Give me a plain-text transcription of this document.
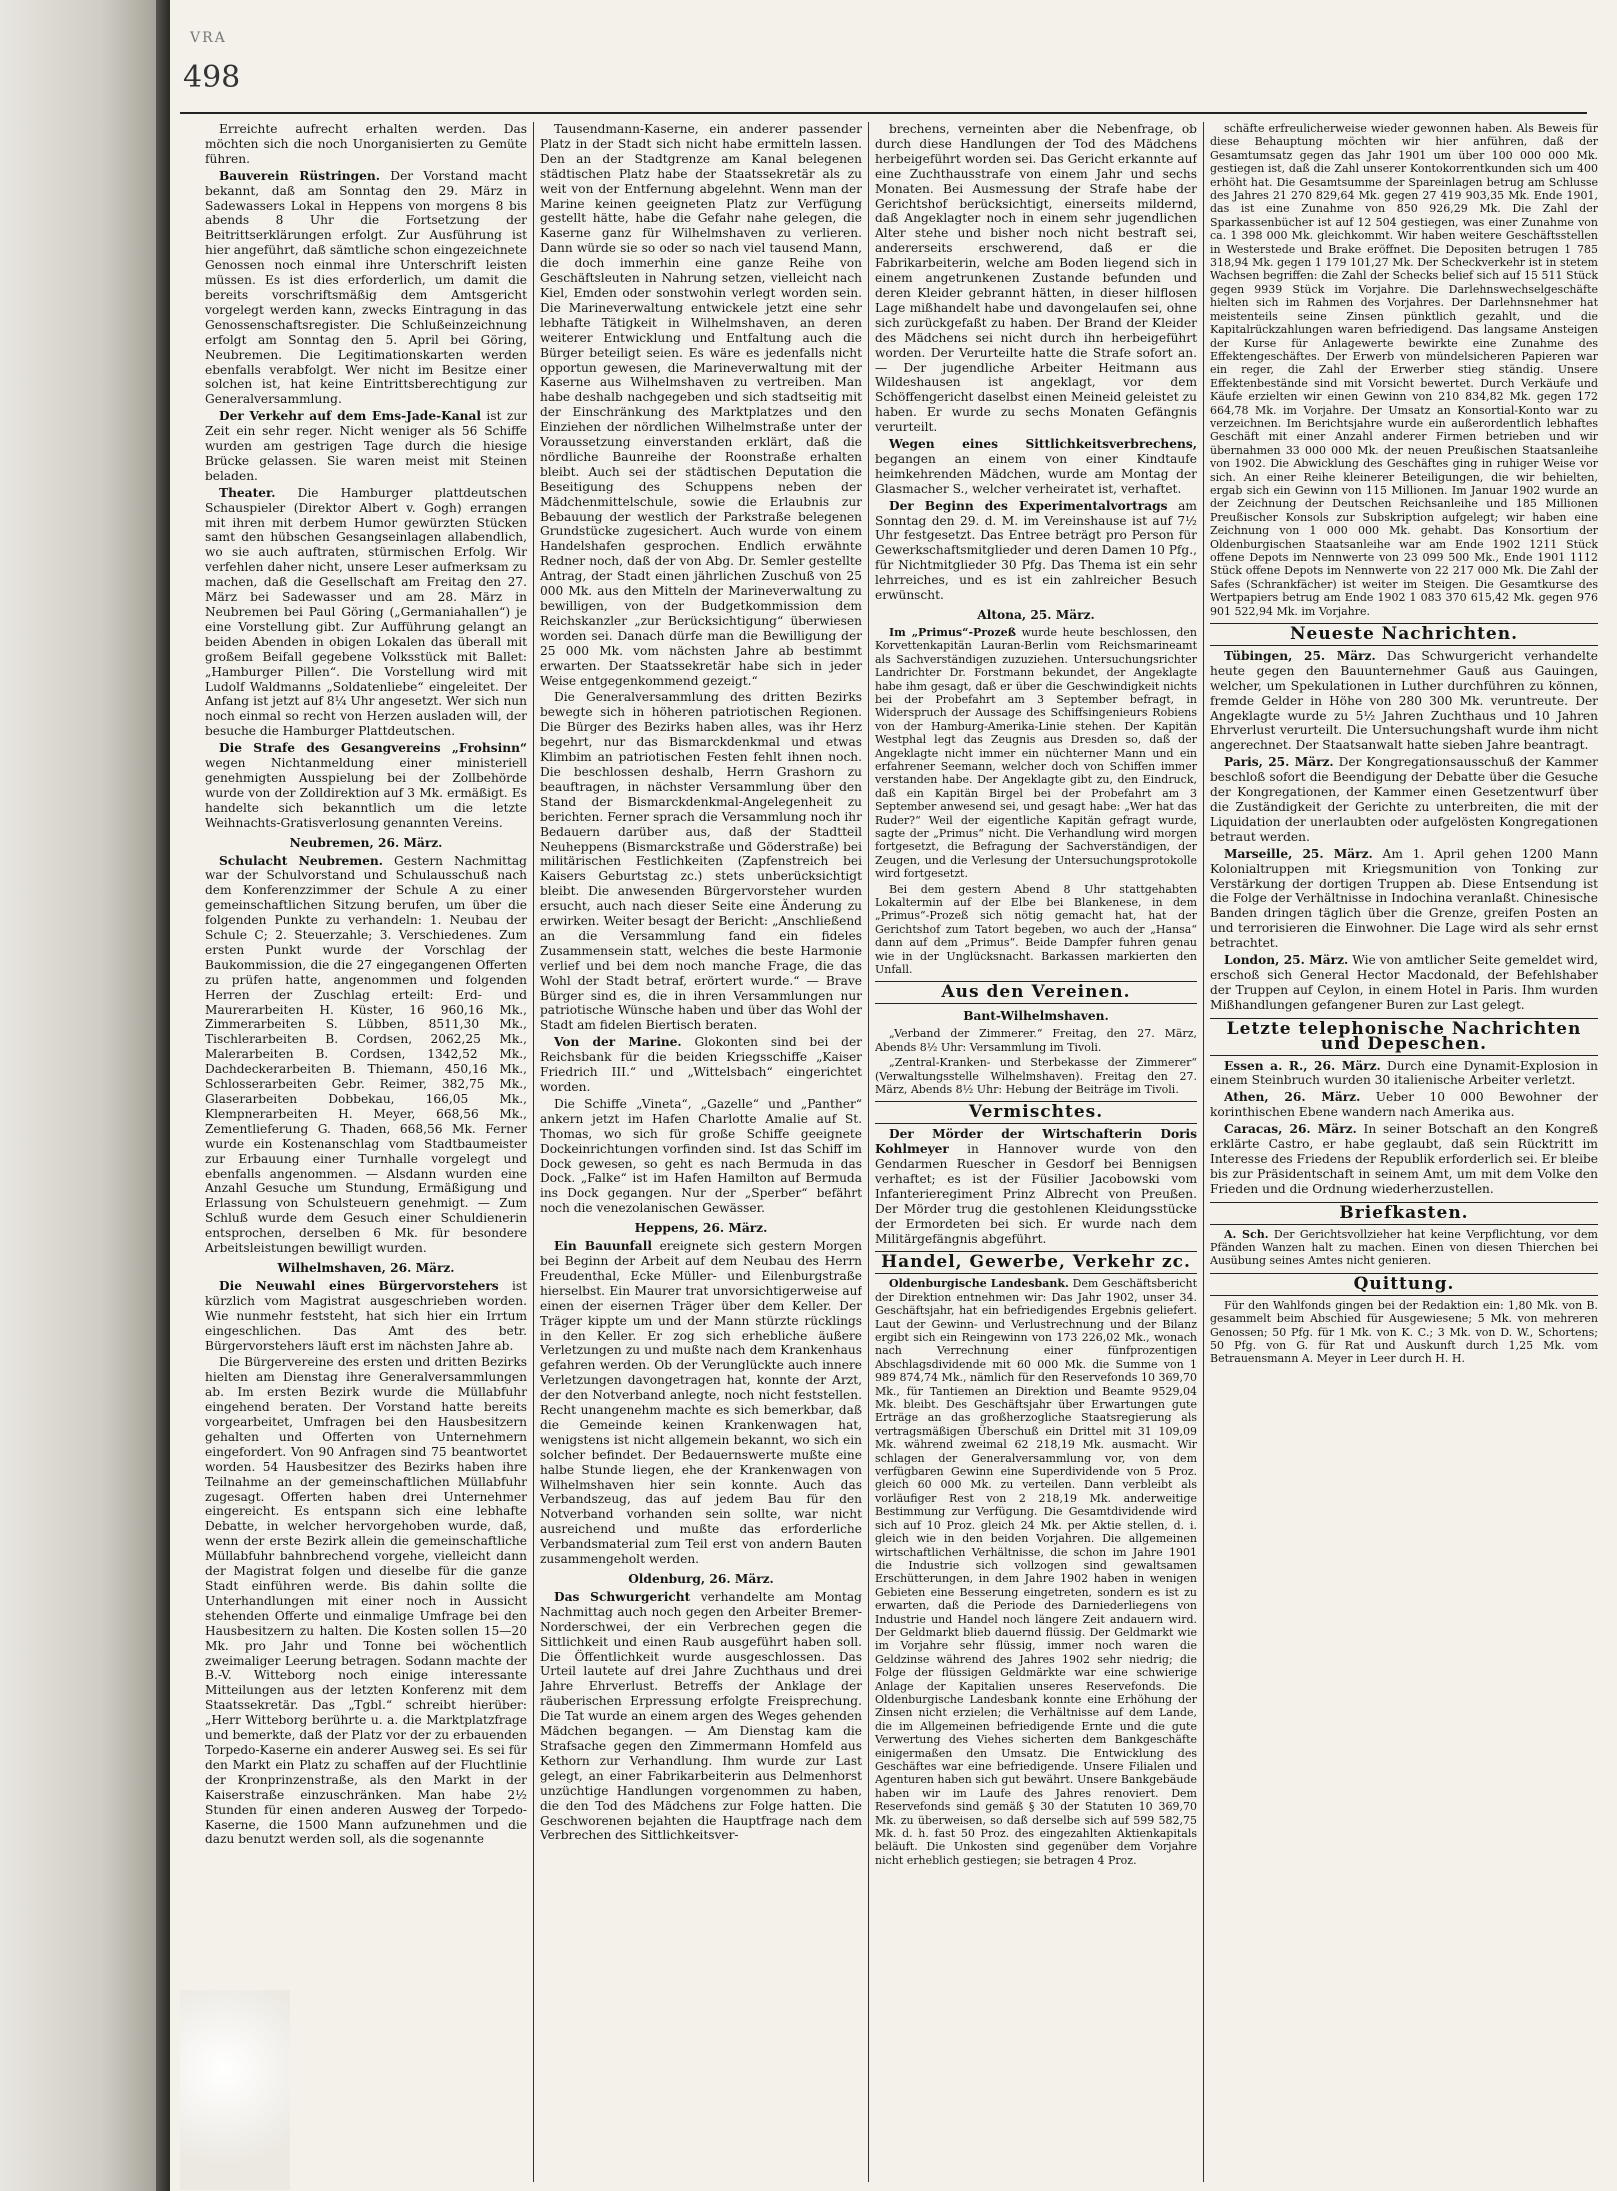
VRA
498

Erreichte aufrecht erhalten werden. Das möchten sich die noch Unorganisierten zu Gemüte führen.

Bauverein Rüstringen. Der Vorstand macht bekannt, daß am Sonntag den 29. März in Sadewassers Lokal in Heppens von morgens 8 bis abends 8 Uhr die Fortsetzung der Beitrittserklärungen erfolgt. Zur Ausführung ist hier angeführt, daß sämtliche schon eingezeichnete Genossen noch einmal ihre Unterschrift leisten müssen. Es ist dies erforderlich, um damit die bereits vorschriftsmäßig dem Amtsgericht vorgelegt werden kann, zwecks Eintragung in das Genossenschaftsregister. Die Schlußeinzeichnung erfolgt am Sonntag den 5. April bei Göring, Neubremen. Die Legitimationskarten werden ebenfalls verabfolgt. Wer nicht im Besitze einer solchen ist, hat keine Eintrittsberechtigung zur Generalversammlung.

Der Verkehr auf dem Ems-Jade-Kanal ist zur Zeit ein sehr reger. Nicht weniger als 56 Schiffe wurden am gestrigen Tage durch die hiesige Brücke gelassen. Sie waren meist mit Steinen beladen.

Theater. Die Hamburger plattdeutschen Schauspieler (Direktor Albert v. Gogh) errangen mit ihren mit derbem Humor gewürzten Stücken samt den hübschen Gesangseinlagen allabendlich, wo sie auch auftraten, stürmischen Erfolg. Wir verfehlen daher nicht, unsere Leser aufmerksam zu machen, daß die Gesellschaft am Freitag den 27. März bei Sadewasser und am 28. März in Neubremen bei Paul Göring („Germaniahallen“) je eine Vorstellung gibt. Zur Aufführung gelangt an beiden Abenden in obigen Lokalen das überall mit großem Beifall gegebene Volksstück mit Ballet: „Hamburger Pillen“. Die Vorstellung wird mit Ludolf Waldmanns „Soldatenliebe“ eingeleitet. Der Anfang ist jetzt auf 8¼ Uhr angesetzt. Wer sich nun noch einmal so recht von Herzen ausladen will, der besuche die Hamburger Plattdeutschen.

Die Strafe des Gesangvereins „Frohsinn“ wegen Nichtanmeldung einer ministeriell genehmigten Ausspielung bei der Zollbehörde wurde von der Zolldirektion auf 3 Mk. ermäßigt. Es handelte sich bekanntlich um die letzte Weihnachts-Gratisverlosung genannten Vereins.

Neubremen, 26. März.

Schulacht Neubremen. Gestern Nachmittag war der Schulvorstand und Schulausschuß nach dem Konferenzzimmer der Schule A zu einer gemeinschaftlichen Sitzung berufen, um über die folgenden Punkte zu verhandeln: 1. Neubau der Schule C; 2. Steuerzahle; 3. Verschiedenes. Zum ersten Punkt wurde der Vorschlag der Baukommission, die die 27 eingegangenen Offerten zu prüfen hatte, angenommen und folgenden Herren der Zuschlag erteilt: Erd- und Maurerarbeiten H. Küster, 16 960,16 Mk., Zimmerarbeiten S. Lübben, 8511,30 Mk., Tischlerarbeiten B. Cordsen, 2062,25 Mk., Malerarbeiten B. Cordsen, 1342,52 Mk., Dachdeckerarbeiten B. Thiemann, 450,16 Mk., Schlosserarbeiten Gebr. Reimer, 382,75 Mk., Glaserarbeiten Dobbekau, 166,05 Mk., Klempnerarbeiten H. Meyer, 668,56 Mk., Zementlieferung G. Thaden, 668,56 Mk. Ferner wurde ein Kostenanschlag vom Stadtbaumeister zur Erbauung einer Turnhalle vorgelegt und ebenfalls angenommen. — Alsdann wurden eine Anzahl Gesuche um Stundung, Ermäßigung und Erlassung von Schulsteuern genehmigt. — Zum Schluß wurde dem Gesuch einer Schuldienerin entsprochen, derselben 6 Mk. für besondere Arbeitsleistungen bewilligt wurden.

Wilhelmshaven, 26. März.

Die Neuwahl eines Bürgervorstehers ist kürzlich vom Magistrat ausgeschrieben worden. Wie nunmehr feststeht, hat sich hier ein Irrtum eingeschlichen. Das Amt des betr. Bürgervorstehers läuft erst im nächsten Jahre ab.

Die Bürgervereine des ersten und dritten Bezirks hielten am Dienstag ihre Generalversammlungen ab. Im ersten Bezirk wurde die Müllabfuhr eingehend beraten. Der Vorstand hatte bereits vorgearbeitet, Umfragen bei den Hausbesitzern gehalten und Offerten von Unternehmern eingefordert. Von 90 Anfragen sind 75 beantwortet worden. 54 Hausbesitzer des Bezirks haben ihre Teilnahme an der gemeinschaftlichen Müllabfuhr zugesagt. Offerten haben drei Unternehmer eingereicht. Es entspann sich eine lebhafte Debatte, in welcher hervorgehoben wurde, daß, wenn der erste Bezirk allein die gemeinschaftliche Müllabfuhr bahnbrechend vorgehe, vielleicht dann der Magistrat folgen und dieselbe für die ganze Stadt einführen werde. Bis dahin sollte die Unterhandlungen mit einer noch in Aussicht stehenden Offerte und einmalige Umfrage bei den Hausbesitzern zu halten. Die Kosten sollen 15—20 Mk. pro Jahr und Tonne bei wöchentlich zweimaliger Leerung betragen. Sodann machte der B.-V. Witteborg noch einige interessante Mitteilungen aus der letzten Konferenz mit dem Staatssekretär. Das „Tgbl.“ schreibt hierüber: „Herr Witteborg berührte u. a. die Marktplatzfrage und bemerkte, daß der Platz vor der zu erbauenden Torpedo-Kaserne ein anderer Ausweg sei. Es sei für den Markt ein Platz zu schaffen auf der Fluchtlinie der Kronprinzenstraße, als den Markt in der Kaiserstraße einzuschränken. Man habe 2½ Stunden für einen anderen Ausweg der Torpedo-Kaserne, die 1500 Mann aufzunehmen und die dazu benutzt werden soll, als die sogenannte

Tausendmann-Kaserne, ein anderer passender Platz in der Stadt sich nicht habe ermitteln lassen. Den an der Stadtgrenze am Kanal belegenen städtischen Platz habe der Staatssekretär als zu weit von der Entfernung abgelehnt. Wenn man der Marine keinen geeigneten Platz zur Verfügung gestellt hätte, habe die Gefahr nahe gelegen, die Kaserne ganz für Wilhelmshaven zu verlieren. Dann würde sie so oder so nach viel tausend Mann, die doch immerhin eine ganze Reihe von Geschäftsleuten in Nahrung setzen, vielleicht nach Kiel, Emden oder sonstwohin verlegt worden sein. Die Marineverwaltung entwickele jetzt eine sehr lebhafte Tätigkeit in Wilhelmshaven, an deren weiterer Entwicklung und Entfaltung auch die Bürger beteiligt seien. Es wäre es jedenfalls nicht opportun gewesen, die Marineverwaltung mit der Kaserne aus Wilhelmshaven zu vertreiben. Man habe deshalb nachgegeben und sich stadtseitig mit der Einschränkung des Marktplatzes und den Einziehen der nördlichen Wilhelmstraße unter der Voraussetzung einverstanden erklärt, daß die nördliche Baunreihe der Roonstraße erhalten bleibt. Auch sei der städtischen Deputation die Beseitigung des Schuppens neben der Mädchenmittelschule, sowie die Erlaubnis zur Bebauung der westlich der Parkstraße belegenen Grundstücke zugesichert. Auch wurde von einem Handelshafen gesprochen. Endlich erwähnte Redner noch, daß der von Abg. Dr. Semler gestellte Antrag, der Stadt einen jährlichen Zuschuß von 25 000 Mk. aus den Mitteln der Marineverwaltung zu bewilligen, von der Budgetkommission dem Reichskanzler „zur Berücksichtigung“ überwiesen worden sei. Danach dürfe man die Bewilligung der 25 000 Mk. vom nächsten Jahre ab bestimmt erwarten. Der Staatssekretär habe sich in jeder Weise entgegenkommend gezeigt.“

Die Generalversammlung des dritten Bezirks bewegte sich in höheren patriotischen Regionen. Die Bürger des Bezirks haben alles, was ihr Herz begehrt, nur das Bismarckdenkmal und etwas Klimbim an patriotischen Festen fehlt ihnen noch. Die beschlossen deshalb, Herrn Grashorn zu beauftragen, in nächster Versammlung über den Stand der Bismarckdenkmal-Angelegenheit zu berichten. Ferner sprach die Versammlung noch ihr Bedauern darüber aus, daß der Stadtteil Neuheppens (Bismarckstraße und Göderstraße) bei militärischen Festlichkeiten (Zapfenstreich bei Kaisers Geburtstag zc.) stets unberücksichtigt bleibt. Die anwesenden Bürgervorsteher wurden ersucht, auch nach dieser Seite eine Änderung zu erwirken. Weiter besagt der Bericht: „Anschließend an die Versammlung fand ein fideles Zusammensein statt, welches die beste Harmonie verlief und bei dem noch manche Frage, die das Wohl der Stadt betraf, erörtert wurde.“ — Brave Bürger sind es, die in ihren Versammlungen nur patriotische Wünsche haben und über das Wohl der Stadt am fidelen Biertisch beraten.

Von der Marine. Glokonten sind bei der Reichsbank für die beiden Kriegsschiffe „Kaiser Friedrich III.“ und „Wittelsbach“ eingerichtet worden.

Die Schiffe „Vineta“, „Gazelle“ und „Panther“ ankern jetzt im Hafen Charlotte Amalie auf St. Thomas, wo sich für große Schiffe geeignete Dockeinrichtungen vorfinden sind. Ist das Schiff im Dock gewesen, so geht es nach Bermuda in das Dock. „Falke“ ist im Hafen Hamilton auf Bermuda ins Dock gegangen. Nur der „Sperber“ befährt noch die venezolanischen Gewässer.

Heppens, 26. März.

Ein Bauunfall ereignete sich gestern Morgen bei Beginn der Arbeit auf dem Neubau des Herrn Freudenthal, Ecke Müller- und Eilenburgstraße hierselbst. Ein Maurer trat unvorsichtigerweise auf einen der eisernen Träger über dem Keller. Der Träger kippte um und der Mann stürzte rücklings in den Keller. Er zog sich erhebliche äußere Verletzungen zu und mußte nach dem Krankenhaus gefahren werden. Ob der Verunglückte auch innere Verletzungen davongetragen hat, konnte der Arzt, der den Notverband anlegte, noch nicht feststellen. Recht unangenehm machte es sich bemerkbar, daß die Gemeinde keinen Krankenwagen hat, wenigstens ist nicht allgemein bekannt, wo sich ein solcher befindet. Der Bedauernswerte mußte eine halbe Stunde liegen, ehe der Krankenwagen von Wilhelmshaven hier sein konnte. Auch das Verbandszeug, das auf jedem Bau für den Notverband vorhanden sein sollte, war nicht ausreichend und mußte das erforderliche Verbandsmaterial zum Teil erst von andern Bauten zusammengeholt werden.

Oldenburg, 26. März.

Das Schwurgericht verhandelte am Montag Nachmittag auch noch gegen den Arbeiter Bremer-Norderschwei, der ein Verbrechen gegen die Sittlichkeit und einen Raub ausgeführt haben soll. Die Öffentlichkeit wurde ausgeschlossen. Das Urteil lautete auf drei Jahre Zuchthaus und drei Jahre Ehrverlust. Betreffs der Anklage der räuberischen Erpressung erfolgte Freisprechung. Die Tat wurde an einem argen des Weges gehenden Mädchen begangen. — Am Dienstag kam die Strafsache gegen den Zimmermann Homfeld aus Kethorn zur Verhandlung. Ihm wurde zur Last gelegt, an einer Fabrikarbeiterin aus Delmenhorst unzüchtige Handlungen vorgenommen zu haben, die den Tod des Mädchens zur Folge hatten. Die Geschworenen bejahten die Hauptfrage nach dem Verbrechen des Sittlichkeitsver-

brechens, verneinten aber die Nebenfrage, ob durch diese Handlungen der Tod des Mädchens herbeigeführt worden sei. Das Gericht erkannte auf eine Zuchthausstrafe von einem Jahr und sechs Monaten. Bei Ausmessung der Strafe habe der Gerichtshof berücksichtigt, einerseits mildernd, daß Angeklagter noch in einem sehr jugendlichen Alter stehe und bisher noch nicht bestraft sei, andererseits erschwerend, daß er die Fabrikarbeiterin, welche am Boden liegend sich in einem angetrunkenen Zustande befunden und deren Kleider gebrannt hätten, in dieser hilflosen Lage mißhandelt habe und davongelaufen sei, ohne sich zurückgefaßt zu haben. Der Brand der Kleider des Mädchens sei nicht durch ihn herbeigeführt worden. Der Verurteilte hatte die Strafe sofort an. — Der jugendliche Arbeiter Heitmann aus Wildeshausen ist angeklagt, vor dem Schöffengericht daselbst einen Meineid geleistet zu haben. Er wurde zu sechs Monaten Gefängnis verurteilt.

Wegen eines Sittlichkeitsverbrechens, begangen an einem von einer Kindtaufe heimkehrenden Mädchen, wurde am Montag der Glasmacher S., welcher verheiratet ist, verhaftet.

Der Beginn des Experimentalvortrags am Sonntag den 29. d. M. im Vereinshause ist auf 7½ Uhr festgesetzt. Das Entree beträgt pro Person für Gewerkschaftsmitglieder und deren Damen 10 Pfg., für Nichtmitglieder 30 Pfg. Das Thema ist ein sehr lehrreiches, und es ist ein zahlreicher Besuch erwünscht.

Altona, 25. März.

Im „Primus“-Prozeß wurde heute beschlossen, den Korvettenkapitän Lauran-Berlin vom Reichsmarineamt als Sachverständigen zuzuziehen. Untersuchungsrichter Landrichter Dr. Forstmann bekundet, der Angeklagte habe ihm gesagt, daß er über die Geschwindigkeit nichts bei der Probefahrt am 3 September befragt, in Widerspruch der Aussage des Schiffsingenieurs Robiens von der Hamburg-Amerika-Linie stehen. Der Kapitän Westphal legt das Zeugnis aus Dresden so, daß der Angeklagte nicht immer ein nüchterner Mann und ein erfahrener Seemann, welcher doch von Schiffen immer verstanden habe. Der Angeklagte gibt zu, den Eindruck, daß ein Kapitän Birgel bei der Probefahrt am 3 September anwesend sei, und gesagt habe: „Wer hat das Ruder?“ Weil der eigentliche Kapitän gefragt wurde, sagte der „Primus“ nicht. Die Verhandlung wird morgen fortgesetzt, die Befragung der Sachverständigen, der Zeugen, und die Verlesung der Untersuchungsprotokolle wird fortgesetzt.

Bei dem gestern Abend 8 Uhr stattgehabten Lokaltermin auf der Elbe bei Blankenese, in dem „Primus“-Prozeß sich nötig gemacht hat, hat der Gerichtshof zum Tatort begeben, wo auch der „Hansa“ dann auf dem „Primus“. Beide Dampfer fuhren genau wie in der Unglücksnacht. Barkassen markierten den Unfall.

Aus den Vereinen.

Bant-Wilhelmshaven.

„Verband der Zimmerer.“ Freitag, den 27. März, Abends 8½ Uhr: Versammlung im Tivoli.

„Zentral-Kranken- und Sterbekasse der Zimmerer“ (Verwaltungsstelle Wilhelmshaven). Freitag den 27. März, Abends 8½ Uhr: Hebung der Beiträge im Tivoli.

Vermischtes.

Der Mörder der Wirtschafterin Doris Kohlmeyer in Hannover wurde von den Gendarmen Ruescher in Gesdorf bei Bennigsen verhaftet; es ist der Füsilier Jacobowski vom Infanterieregiment Prinz Albrecht von Preußen. Der Mörder trug die gestohlenen Kleidungsstücke der Ermordeten bei sich. Er wurde nach dem Militärgefängnis abgeführt.

Handel, Gewerbe, Verkehr zc.

Oldenburgische Landesbank. Dem Geschäftsbericht der Direktion entnehmen wir: Das Jahr 1902, unser 34. Geschäftsjahr, hat ein befriedigendes Ergebnis geliefert. Laut der Gewinn- und Verlustrechnung und der Bilanz ergibt sich ein Reingewinn von 173 226,02 Mk., wonach nach Verrechnung einer fünfprozentigen Abschlagsdividende mit 60 000 Mk. die Summe von 1 989 874,74 Mk., nämlich für den Reservefonds 10 369,70 Mk., für Tantiemen an Direktion und Beamte 9529,04 Mk. bleibt. Des Geschäftsjahr über Erwartungen gute Erträge an das großherzogliche Staatsregierung als vertragsmäßigen Überschuß ein Drittel mit 31 109,09 Mk. während zweimal 62 218,19 Mk. ausmacht. Wir schlagen der Generalversammlung vor, von dem verfügbaren Gewinn eine Superdividende von 5 Proz. gleich 60 000 Mk. zu verteilen. Dann verbleibt als vorläufiger Rest von 2 218,19 Mk. anderweitige Bestimmung zur Verfügung. Die Gesamtdividende wird sich auf 10 Proz. gleich 24 Mk. per Aktie stellen, d. i. gleich wie in den beiden Vorjahren. Die allgemeinen wirtschaftlichen Verhältnisse, die schon im Jahre 1901 die Industrie sich vollzogen sind gewaltsamen Erschütterungen, in dem Jahre 1902 haben in wenigen Gebieten eine Besserung eingetreten, sondern es ist zu erwarten, daß die Periode des Darniederliegens von Industrie und Handel noch längere Zeit andauern wird. Der Geldmarkt blieb dauernd flüssig. Der Geldmarkt wie im Vorjahre sehr flüssig, immer noch waren die Geldzinse während des Jahres 1902 sehr niedrig; die Folge der flüssigen Geldmärkte war eine schwierige Anlage der Kapitalien unseres Reservefonds. Die Oldenburgische Landesbank konnte eine Erhöhung der Zinsen nicht erzielen; die Verhältnisse auf dem Lande, die im Allgemeinen befriedigende Ernte und die gute Verwertung des Viehes sicherten dem Bankgeschäfte einigermaßen den Umsatz. Die Entwicklung des Geschäftes war eine befriedigende. Unsere Filialen und Agenturen haben sich gut bewährt. Unsere Bankgebäude haben wir im Laufe des Jahres renoviert. Dem Reservefonds sind gemäß § 30 der Statuten 10 369,70 Mk. zu überweisen, so daß derselbe sich auf 599 582,75 Mk. d. h. fast 50 Proz. des eingezahlten Aktienkapitals beläuft. Die Unkosten sind gegenüber dem Vorjahre nicht erheblich gestiegen; sie betragen 4 Proz.

schäfte erfreulicherweise wieder gewonnen haben. Als Beweis für diese Behauptung möchten wir hier anführen, daß der Gesamtumsatz gegen das Jahr 1901 um über 100 000 000 Mk. gestiegen ist, daß die Zahl unserer Kontokorrentkunden sich um 400 erhöht hat. Die Gesamtsumme der Spareinlagen betrug am Schlusse des Jahres 21 270 829,64 Mk. gegen 27 419 903,35 Mk. Ende 1901, das ist eine Zunahme von 850 926,29 Mk. Die Zahl der Sparkassenbücher ist auf 12 504 gestiegen, was einer Zunahme von ca. 1 398 000 Mk. gleichkommt. Wir haben weitere Geschäftsstellen in Westerstede und Brake eröffnet. Die Depositen betrugen 1 785 318,94 Mk. gegen 1 179 101,27 Mk. Der Scheckverkehr ist in stetem Wachsen begriffen: die Zahl der Schecks belief sich auf 15 511 Stück gegen 9939 Stück im Vorjahre. Die Darlehnswechselgeschäfte hielten sich im Rahmen des Vorjahres. Der Darlehnsnehmer hat meistenteils seine Zinsen pünktlich gezahlt, und die Kapitalrückzahlungen waren befriedigend. Das langsame Ansteigen der Kurse für Anlagewerte bewirkte eine Zunahme des Effektengeschäftes. Der Erwerb von mündelsicheren Papieren war ein reger, die Zahl der Erwerber stieg ständig. Unsere Effektenbestände sind mit Vorsicht bewertet. Durch Verkäufe und Käufe erzielten wir einen Gewinn von 210 834,82 Mk. gegen 172 664,78 Mk. im Vorjahre. Der Umsatz an Konsortial-Konto war zu verzeichnen. Im Berichtsjahre wurde ein außerordentlich lebhaftes Geschäft mit einer Anzahl anderer Firmen betrieben und wir übernahmen 33 000 000 Mk. der neuen Preußischen Staatsanleihe von 1902. Die Abwicklung des Geschäftes ging in ruhiger Weise vor sich. An einer Reihe kleinerer Beteiligungen, die wir behielten, ergab sich ein Gewinn von 115 Millionen. Im Januar 1902 wurde an der Zeichnung der Deutschen Reichsanleihe und 185 Millionen Preußischer Konsols zur Subskription aufgelegt; wir haben eine Zeichnung von 1 000 000 Mk. gehabt. Das Konsortium der Oldenburgischen Staatsanleihe war am Ende 1902 1211 Stück offene Depots im Nennwerte von 23 099 500 Mk., Ende 1901 1112 Stück offene Depots im Nennwerte von 22 217 000 Mk. Die Zahl der Safes (Schrankfächer) ist weiter im Steigen. Die Gesamtkurse des Wertpapiers betrug am Ende 1902 1 083 370 615,42 Mk. gegen 976 901 522,94 Mk. im Vorjahre.

Neueste Nachrichten.

Tübingen, 25. März. Das Schwurgericht verhandelte heute gegen den Bauunternehmer Gauß aus Gauingen, welcher, um Spekulationen in Luther durchführen zu können, fremde Gelder in Höhe von 280 300 Mk. veruntreute. Der Angeklagte wurde zu 5½ Jahren Zuchthaus und 10 Jahren Ehrverlust verurteilt. Die Untersuchungshaft wurde ihm nicht angerechnet. Der Staatsanwalt hatte sieben Jahre beantragt.

Paris, 25. März. Der Kongregationsausschuß der Kammer beschloß sofort die Beendigung der Debatte über die Gesuche der Kongregationen, der Kammer einen Gesetzentwurf über die Zuständigkeit der Gerichte zu unterbreiten, die mit der Liquidation der unerlaubten oder aufgelösten Kongregationen betraut werden.

Marseille, 25. März. Am 1. April gehen 1200 Mann Kolonialtruppen mit Kriegsmunition von Tonking zur Verstärkung der dortigen Truppen ab. Diese Entsendung ist die Folge der Verhältnisse in Indochina veranlaßt. Chinesische Banden dringen täglich über die Grenze, greifen Posten an und terrorisieren die Einwohner. Die Lage wird als sehr ernst betrachtet.

London, 25. März. Wie von amtlicher Seite gemeldet wird, erschoß sich General Hector Macdonald, der Befehlshaber der Truppen auf Ceylon, in einem Hotel in Paris. Ihm wurden Mißhandlungen gefangener Buren zur Last gelegt.

Letzte telephonische Nachrichten und Depeschen.

Essen a. R., 26. März. Durch eine Dynamit-Explosion in einem Steinbruch wurden 30 italienische Arbeiter verletzt.

Athen, 26. März. Ueber 10 000 Bewohner der korinthischen Ebene wandern nach Amerika aus.

Caracas, 26. März. In seiner Botschaft an den Kongreß erklärte Castro, er habe geglaubt, daß sein Rücktritt im Interesse des Friedens der Republik erforderlich sei. Er bleibe bis zur Präsidentschaft in seinem Amt, um mit dem Volke den Frieden und die Ordnung wiederherzustellen.

Briefkasten.

A. Sch. Der Gerichtsvollzieher hat keine Verpflichtung, vor dem Pfänden Wanzen halt zu machen. Einen von diesen Thierchen bei Ausübung seines Amtes nicht genieren.

Quittung.

Für den Wahlfonds gingen bei der Redaktion ein: 1,80 Mk. von B. gesammelt beim Abschied für Ausgewiesene; 5 Mk. von mehreren Genossen; 50 Pfg. für 1 Mk. von K. C.; 3 Mk. von D. W., Schortens; 50 Pfg. von G. für Rat und Auskunft durch 1,25 Mk. vom Betrauensmann A. Meyer in Leer durch H. H.
